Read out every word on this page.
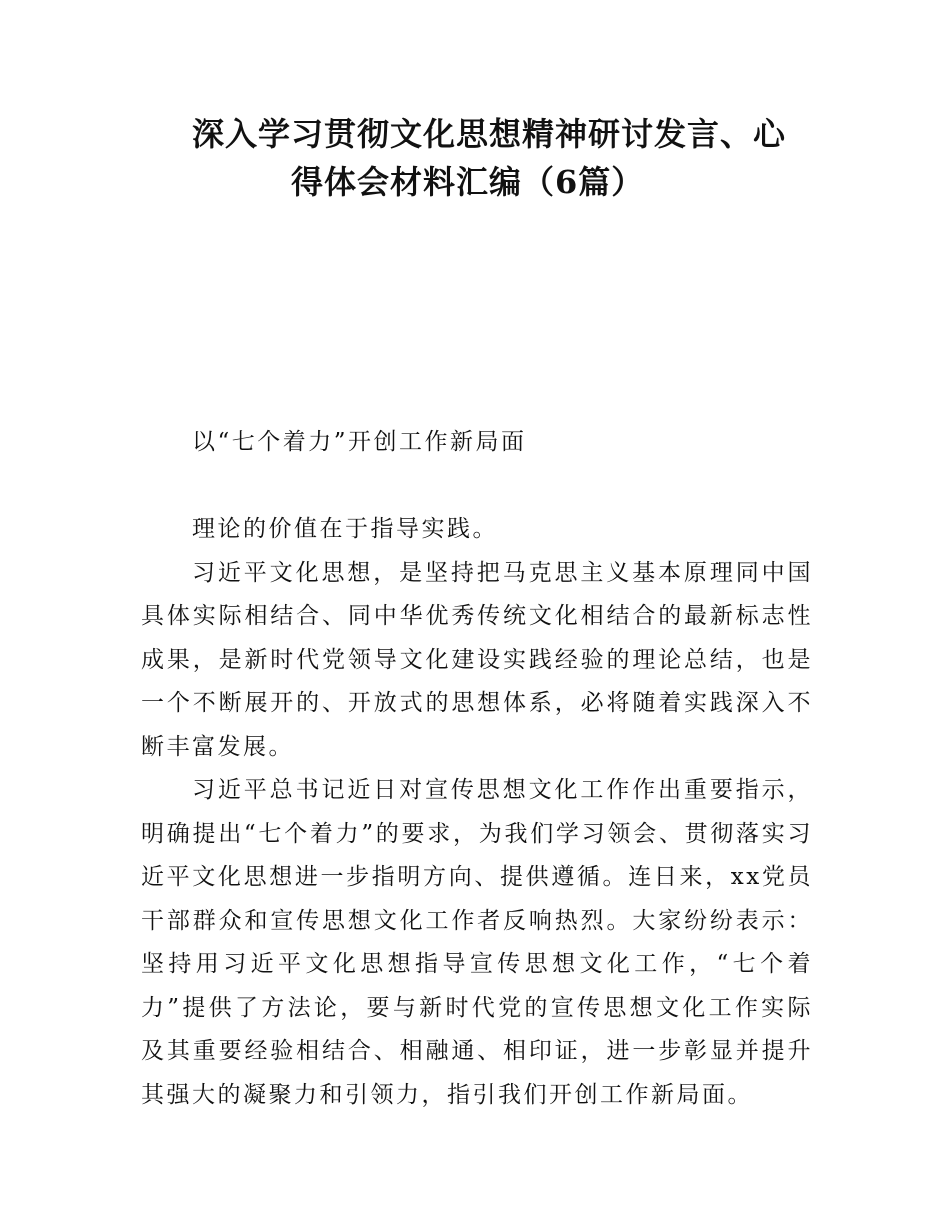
深入学习贯彻文化思想精神研讨发言、心
得体会材料汇编（6篇）
以“七个着力”开创工作新局面

理论的价值在于指导实践。

习近平文化思想，是坚持把马克思主义基本原理同中国具体实际相结合、同中华优秀传统文化相结合的最新标志性成果，是新时代党领导文化建设实践经验的理论总结，也是一个不断展开的、开放式的思想体系，必将随着实践深入不断丰富发展。

习近平总书记近日对宣传思想文化工作作出重要指示，明确提出“七个着力”的要求，为我们学习领会、贯彻落实习近平文化思想进一步指明方向、提供遵循。连日来，xx党员干部群众和宣传思想文化工作者反响热烈。大家纷纷表示：坚持用习近平文化思想指导宣传思想文化工作，“七个着力”提供了方法论，要与新时代党的宣传思想文化工作实际及其重要经验相结合、相融通、相印证，进一步彰显并提升其强大的凝聚力和引领力，指引我们开创工作新局面。
